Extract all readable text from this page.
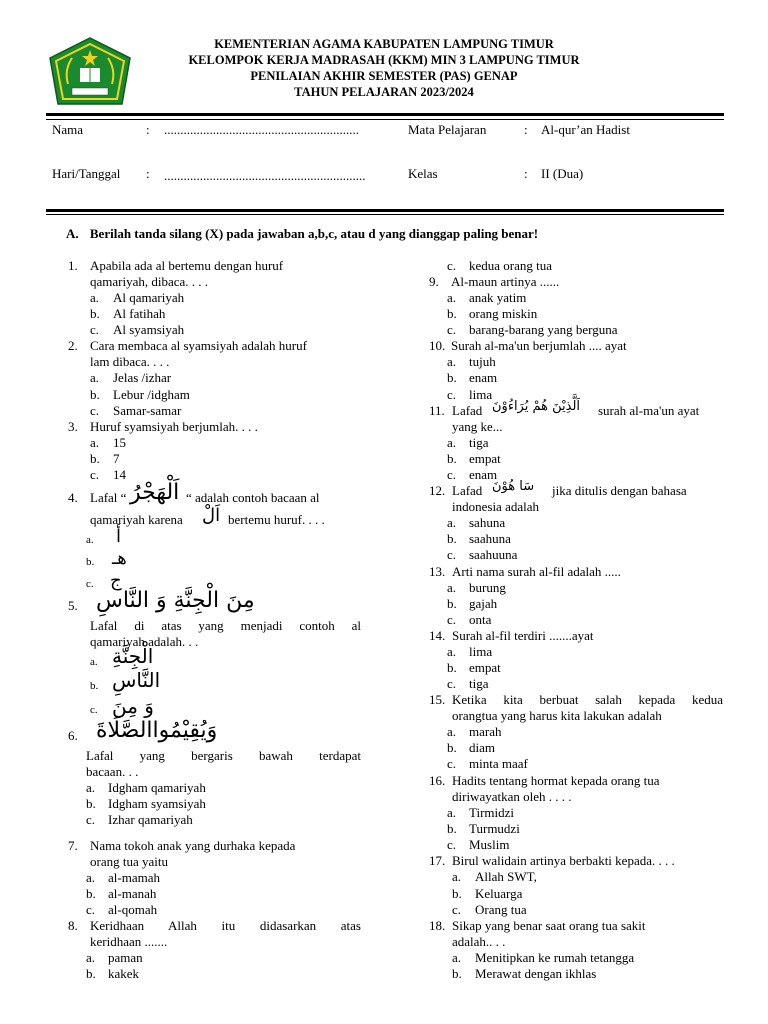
KEMENTERIAN AGAMA KABUPATEN LAMPUNG TIMUR
KELOMPOK KERJA MADRASAH (KKM) MIN 3 LAMPUNG TIMUR
PENILAIAN AKHIR SEMESTER (PAS) GENAP
TAHUN PELAJARAN 2023/2024
Nama	: ............................................................	Mata Pelajaran	: Al-qur’an Hadist
Hari/Tanggal : ..............................................................	Kelas	: II (Dua)
A. Berilah tanda silang (X) pada jawaban a,b,c, atau d yang dianggap paling benar!
1. Apabila ada al bertemu dengan huruf
qamariyah, dibaca. . . .
a. Al qamariyah
b. Al fatihah
c. Al syamsiyah
2. Cara membaca al syamsiyah adalah huruf
lam dibaca. . . .
a. Jelas /izhar
b. Lebur /idgham
c. Samar-samar
3. Huruf syamsiyah berjumlah. . . .
a. 15
b. 7
c. 14
4. Lafal “ اَلْهَجْرُ “ adalah contoh bacaan al
qamariyah karena اَلْ bertemu huruf. . . .
a. أ
b. هـ
c. ج
5. مِنَ الْجِنَّةِ وَ النَّاسِ
Lafal di atas yang menjadi contoh al
qamariyah adalah. . .
a. الْجِنَّةِ
b. النَّاسِ
c. وَ مِنَ
6. وَيُقِيْمُواالصَّلَاةَ
Lafal yang bergaris bawah terdapat
bacaan. . .
a. Idgham qamariyah
b. Idgham syamsiyah
c. Izhar qamariyah
7. Nama tokoh anak yang durhaka kepada
orang tua yaitu
a. al-mamah
b. al-manah
c. al-qomah
8. Keridhaan Allah itu didasarkan atas
keridhaan .......
a. paman
b. kakek
c. kedua orang tua
9. Al-maun artinya ......
a. anak yatim
b. orang miskin
c. barang-barang yang berguna
10. Surah al-ma'un berjumlah .... ayat
a. tujuh
b. enam
c. lima
11. Lafad اَلَّذِيْنَ هُمْ يُرَاءُوْنَ surah al-ma'un ayat
yang ke...
a. tiga
b. empat
c. enam
12. Lafad سَا هُوْنَ jika ditulis dengan bahasa
indonesia adalah
a. sahuna
b. saahuna
c. saahuuna
13. Arti nama surah al-fil adalah .....
a. burung
b. gajah
c. onta
14. Surah al-fil terdiri .......ayat
a. lima
b. empat
c. tiga
15. Ketika kita berbuat salah kepada kedua
orangtua yang harus kita lakukan adalah
a. marah
b. diam
c. minta maaf
16. Hadits tentang hormat kepada orang tua
diriwayatkan oleh . . . .
a. Tirmidzi
b. Turmudzi
c. Muslim
17. Birul walidain artinya berbakti kepada. . . .
a. Allah SWT,
b. Keluarga
c. Orang tua
18. Sikap yang benar saat orang tua sakit
adalah.. . .
a. Menitipkan ke rumah tetangga
b. Merawat dengan ikhlas
